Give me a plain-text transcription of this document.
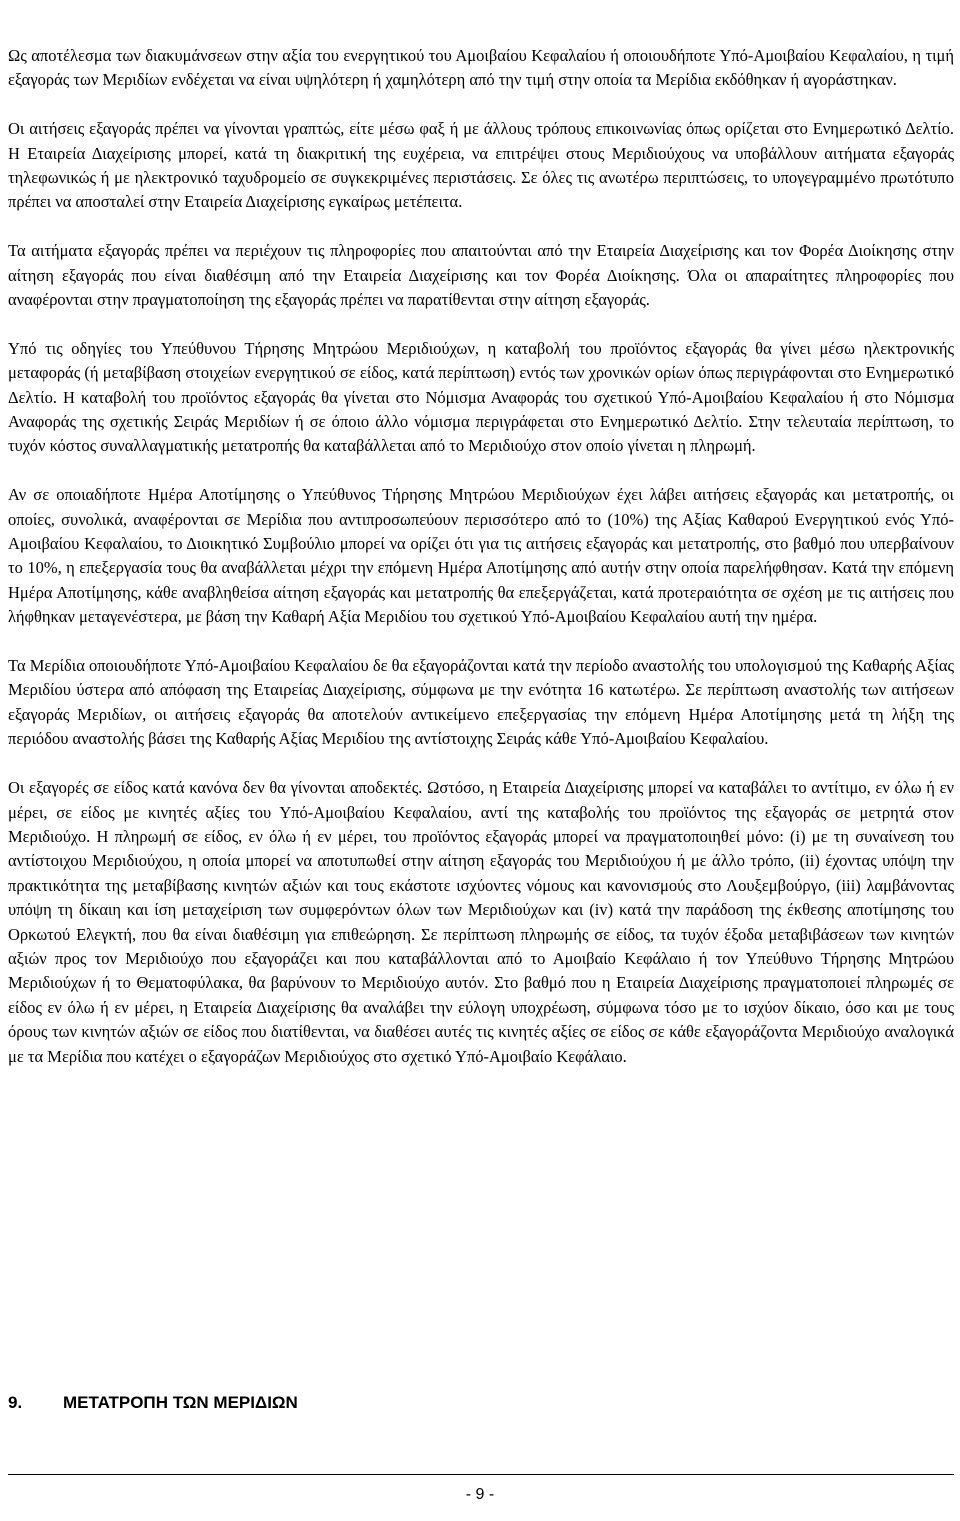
Ως αποτέλεσμα των διακυμάνσεων στην αξία του ενεργητικού του Αμοιβαίου Κεφαλαίου ή οποιουδήποτε Υπό-Αμοιβαίου Κεφαλαίου, η τιμή εξαγοράς των Μεριδίων ενδέχεται να είναι υψηλότερη ή χαμηλότερη από την τιμή στην οποία τα Μερίδια εκδόθηκαν ή αγοράστηκαν.

Οι αιτήσεις εξαγοράς πρέπει να γίνονται γραπτώς, είτε μέσω φαξ ή με άλλους τρόπους επικοινωνίας όπως ορίζεται στο Ενημερωτικό Δελτίο. Η Εταιρεία Διαχείρισης μπορεί, κατά τη διακριτική της ευχέρεια, να επιτρέψει στους Μεριδιούχους να υποβάλλουν αιτήματα εξαγοράς τηλεφωνικώς ή με ηλεκτρονικό ταχυδρομείο σε συγκεκριμένες περιστάσεις. Σε όλες τις ανωτέρω περιπτώσεις, το υπογεγραμμένο πρωτότυπο πρέπει να αποσταλεί στην Εταιρεία Διαχείρισης εγκαίρως μετέπειτα.

Τα αιτήματα εξαγοράς πρέπει να περιέχουν τις πληροφορίες που απαιτούνται από την Εταιρεία Διαχείρισης και τον Φορέα Διοίκησης στην αίτηση εξαγοράς που είναι διαθέσιμη από την Εταιρεία Διαχείρισης και τον Φορέα Διοίκησης. Όλα οι απαραίτητες πληροφορίες που αναφέρονται στην πραγματοποίηση της εξαγοράς πρέπει να παρατίθενται στην αίτηση εξαγοράς.

Υπό τις οδηγίες του Υπεύθυνου Τήρησης Μητρώου Μεριδιούχων, η καταβολή του προϊόντος εξαγοράς θα γίνει μέσω ηλεκτρονικής μεταφοράς (ή μεταβίβαση στοιχείων ενεργητικού σε είδος, κατά περίπτωση) εντός των χρονικών ορίων όπως περιγράφονται στο Ενημερωτικό Δελτίο. Η καταβολή του προϊόντος εξαγοράς θα γίνεται στο Νόμισμα Αναφοράς του σχετικού Υπό-Αμοιβαίου Κεφαλαίου ή στο Νόμισμα Αναφοράς της σχετικής Σειράς Μεριδίων ή σε όποιο άλλο νόμισμα περιγράφεται στο Ενημερωτικό Δελτίο. Στην τελευταία περίπτωση, το τυχόν κόστος συναλλαγματικής μετατροπής θα καταβάλλεται από το Μεριδιούχο στον οποίο γίνεται η πληρωμή.

Αν σε οποιαδήποτε Ημέρα Αποτίμησης ο Υπεύθυνος Τήρησης Μητρώου Μεριδιούχων έχει λάβει αιτήσεις εξαγοράς και μετατροπής, οι οποίες, συνολικά, αναφέρονται σε Μερίδια που αντιπροσωπεύουν περισσότερο από το (10%) της Αξίας Καθαρού Ενεργητικού ενός Υπό-Αμοιβαίου Κεφαλαίου, το Διοικητικό Συμβούλιο μπορεί να ορίζει ότι για τις αιτήσεις εξαγοράς και μετατροπής, στο βαθμό που υπερβαίνουν το 10%, η επεξεργασία τους θα αναβάλλεται μέχρι την επόμενη Ημέρα Αποτίμησης από αυτήν στην οποία παρελήφθησαν. Κατά την επόμενη Ημέρα Αποτίμησης, κάθε αναβληθείσα αίτηση εξαγοράς και μετατροπής θα επεξεργάζεται, κατά προτεραιότητα σε σχέση με τις αιτήσεις που λήφθηκαν μεταγενέστερα, με βάση την Καθαρή Αξία Μεριδίου του σχετικού Υπό-Αμοιβαίου Κεφαλαίου αυτή την ημέρα.

Τα Μερίδια οποιουδήποτε Υπό-Αμοιβαίου Κεφαλαίου δε θα εξαγοράζονται κατά την περίοδο αναστολής του υπολογισμού της Καθαρής Αξίας Μεριδίου ύστερα από απόφαση της Εταιρείας Διαχείρισης, σύμφωνα με την ενότητα 16 κατωτέρω. Σε περίπτωση αναστολής των αιτήσεων εξαγοράς Μεριδίων, οι αιτήσεις εξαγοράς θα αποτελούν αντικείμενο επεξεργασίας την επόμενη Ημέρα Αποτίμησης μετά τη λήξη της περιόδου αναστολής βάσει της Καθαρής Αξίας Μεριδίου της αντίστοιχης Σειράς κάθε Υπό-Αμοιβαίου Κεφαλαίου.

Οι εξαγορές σε είδος κατά κανόνα δεν θα γίνονται αποδεκτές. Ωστόσο, η Εταιρεία Διαχείρισης μπορεί να καταβάλει το αντίτιμο, εν όλω ή εν μέρει, σε είδος με κινητές αξίες του Υπό-Αμοιβαίου Κεφαλαίου, αντί της καταβολής του προϊόντος της εξαγοράς σε μετρητά στον Μεριδιούχο. Η πληρωμή σε είδος, εν όλω ή εν μέρει, του προϊόντος εξαγοράς μπορεί να πραγματοποιηθεί μόνο: (i) με τη συναίνεση του αντίστοιχου Μεριδιούχου, η οποία μπορεί να αποτυπωθεί στην αίτηση εξαγοράς του Μεριδιούχου ή με άλλο τρόπο, (ii) έχοντας υπόψη την πρακτικότητα της μεταβίβασης κινητών αξιών και τους εκάστοτε ισχύοντες νόμους και κανονισμούς στο Λουξεμβούργο, (iii) λαμβάνοντας υπόψη τη δίκαιη και ίση μεταχείριση των συμφερόντων όλων των Μεριδιούχων και (iv) κατά την παράδοση της έκθεσης αποτίμησης του Ορκωτού Ελεγκτή, που θα είναι διαθέσιμη για επιθεώρηση. Σε περίπτωση πληρωμής σε είδος, τα τυχόν έξοδα μεταβιβάσεων των κινητών αξιών προς τον Μεριδιούχο που εξαγοράζει και που καταβάλλονται από το Αμοιβαίο Κεφάλαιο ή τον Υπεύθυνο Τήρησης Μητρώου Μεριδιούχων ή το Θεματοφύλακα, θα βαρύνουν το Μεριδιούχο αυτόν. Στο βαθμό που η Εταιρεία Διαχείρισης πραγματοποιεί πληρωμές σε είδος εν όλω ή εν μέρει, η Εταιρεία Διαχείρισης θα αναλάβει την εύλογη υποχρέωση, σύμφωνα τόσο με το ισχύον δίκαιο, όσο και με τους όρους των κινητών αξιών σε είδος που διατίθενται, να διαθέσει αυτές τις κινητές αξίες σε είδος σε κάθε εξαγοράζοντα Μεριδιούχο αναλογικά με τα Μερίδια που κατέχει ο εξαγοράζων Μεριδιούχος στο σχετικό Υπό-Αμοιβαίο Κεφάλαιο.

9. ΜΕΤΑΤΡΟΠΗ ΤΩΝ ΜΕΡΙΔΙΩΝ
- 9 -
